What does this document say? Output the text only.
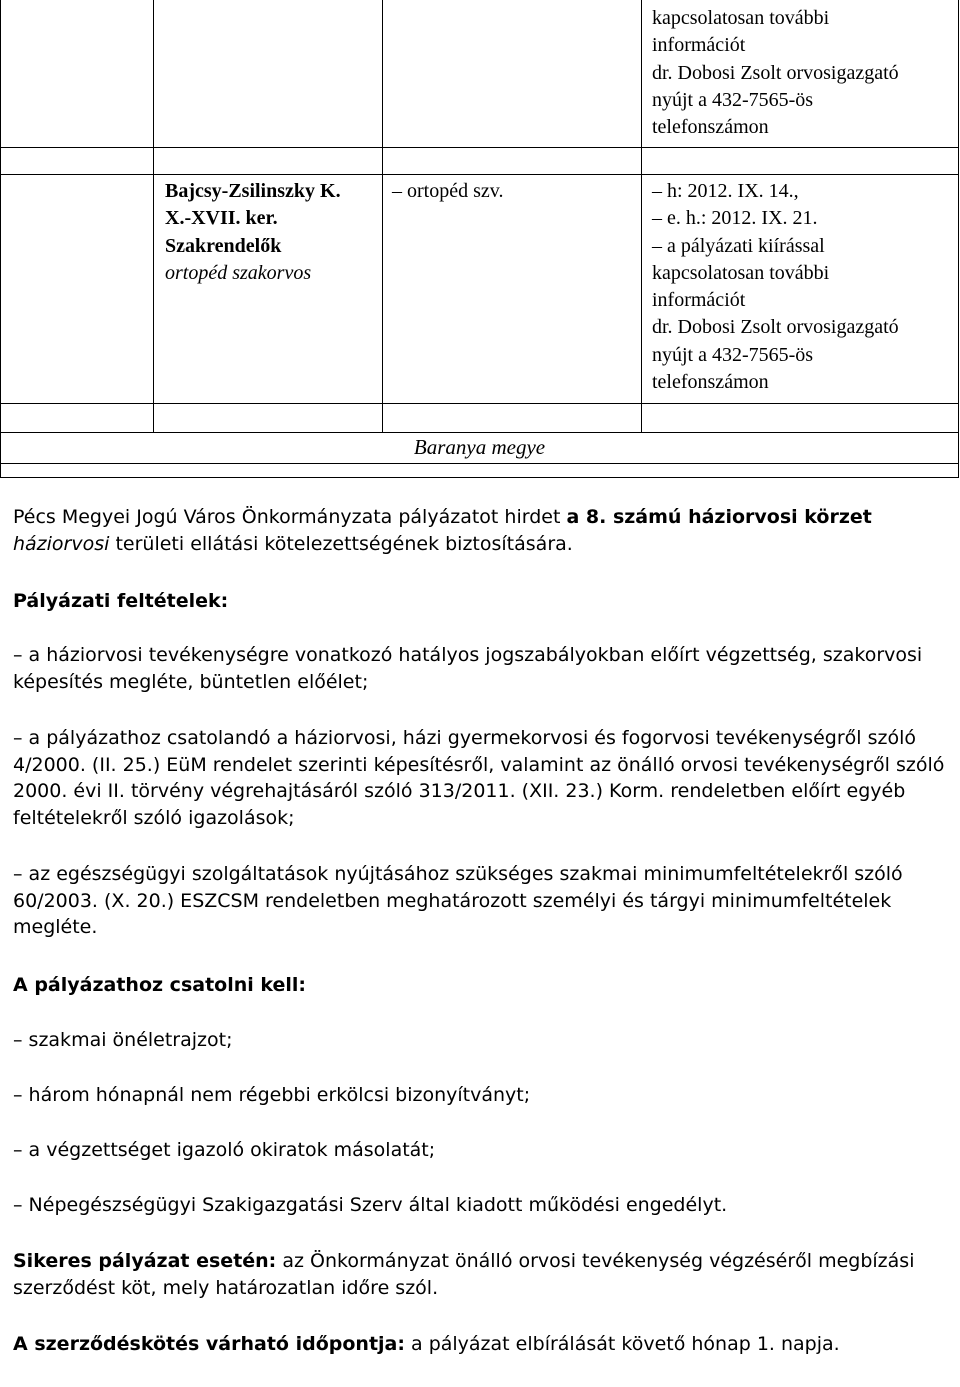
kapcsolatosan további
információt
dr. Dobosi Zsolt orvosigazgató
nyújt a 432-7565-ös
telefonszámon
Bajcsy-Zsilinszky K.
X.-XVII. ker.
Szakrendelők
ortopéd szakorvos
– ortopéd szv.
–	h: 2012. IX. 14.,
– e. h.: 2012. IX. 21.
– a pályázati kiírással
kapcsolatosan további
információt
dr. Dobosi Zsolt orvosigazgató
nyújt a 432-7565-ös
telefonszámon
Baranya megye
Pécs Megyei Jogú Város Önkormányzata pályázatot hirdet a 8. számú háziorvosi körzet
háziorvosi területi ellátási kötelezettségének biztosítására.
Pályázati feltételek:
– a háziorvosi tevékenységre vonatkozó hatályos jogszabályokban előírt végzettség, szakorvosi képesítés megléte, büntetlen előélet;
– a pályázathoz csatolandó a háziorvosi, házi gyermekorvosi és fogorvosi tevékenységről szóló 4/2000. (II. 25.) EüM rendelet szerinti képesítésről, valamint az önálló orvosi tevékenységről szóló 2000. évi II. törvény végrehajtásáról szóló 313/2011. (XII. 23.) Korm. rendeletben előírt egyéb feltételekről szóló igazolások;
– az egészségügyi szolgáltatások nyújtásához szükséges szakmai minimumfeltételekről szóló 60/2003. (X. 20.) ESZCSM rendeletben meghatározott személyi és tárgyi minimumfeltételek megléte.
A pályázathoz csatolni kell:
– szakmai önéletrajzot;
– három hónapnál nem régebbi erkölcsi bizonyítványt;
– a végzettséget igazoló okiratok másolatát;
– Népegészségügyi Szakigazgatási Szerv által kiadott működési engedélyt.
Sikeres pályázat esetén: az Önkormányzat önálló orvosi tevékenység végzéséről megbízási szerződést köt, mely határozatlan időre szól.
A szerződéskötés várható időpontja: a pályázat elbírálását követő hónap 1. napja.
